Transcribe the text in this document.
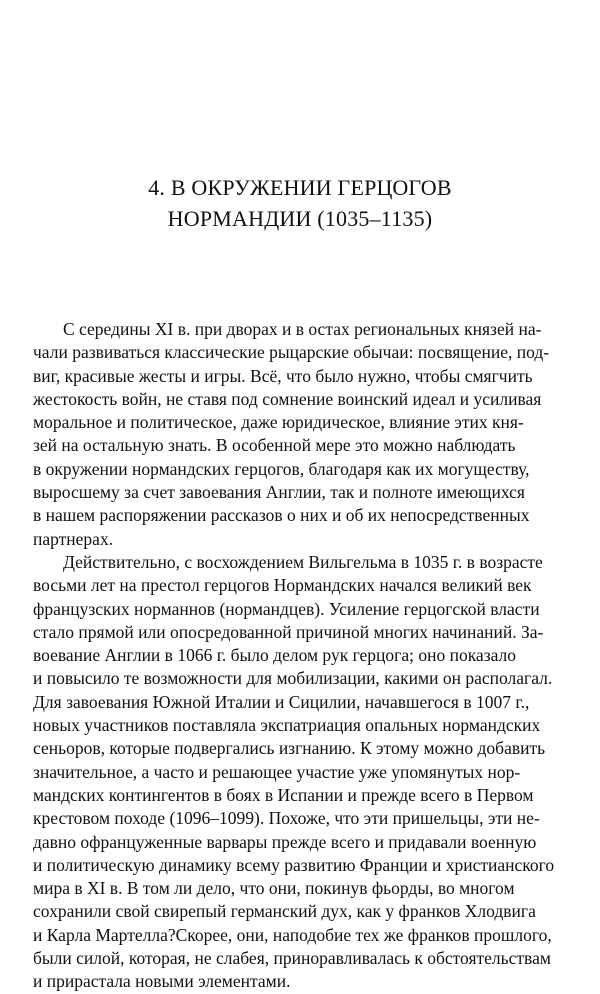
4. В ОКРУЖЕНИИ ГЕРЦОГОВ
НОРМАНДИИ (1035–1135)
С середины XI в. при дворах и в остах региональных князей на-
чали развиваться классические рыцарские обычаи: посвящение, под-
виг, красивые жесты и игры. Всё, что было нужно, чтобы смягчить
жестокость войн, не ставя под сомнение воинский идеал и усиливая
моральное и политическое, даже юридическое, влияние этих кня-
зей на остальную знать. В особенной мере это можно наблюдать
в окружении нормандских герцогов, благодаря как их могуществу,
выросшему за счет завоевания Англии, так и полноте имеющихся
в нашем распоряжении рассказов о них и об их непосредственных
партнерах.
Действительно, с восхождением Вильгельма в 1035 г. в возрасте
восьми лет на престол герцогов Нормандских начался великий век
французских норманнов (нормандцев). Усиление герцогской власти
стало прямой или опосредованной причиной многих начинаний. За-
воевание Англии в 1066 г. было делом рук герцога; оно показало
и повысило те возможности для мобилизации, какими он располагал.
Для завоевания Южной Италии и Сицилии, начавшегося в 1007 г.,
новых участников поставляла экспатриация опальных нормандских
сеньоров, которые подвергались изгнанию. К этому можно добавить
значительное, а часто и решающее участие уже упомянутых нор-
мандских контингентов в боях в Испании и прежде всего в Первом
крестовом походе (1096–1099). Похоже, что эти пришельцы, эти не-
давно офранцуженные варвары прежде всего и придавали военную
и политическую динамику всему развитию Франции и христианского
мира в XI в. В том ли дело, что они, покинув фьорды, во многом
сохранили свой свирепый германский дух, как у франков Хлодвига
и Карла Мартелла?Скорее, они, наподобие тех же франков прошлого,
были силой, которая, не слабея, приноравливалась к обстоятельствам
и прирастала новыми элементами.
